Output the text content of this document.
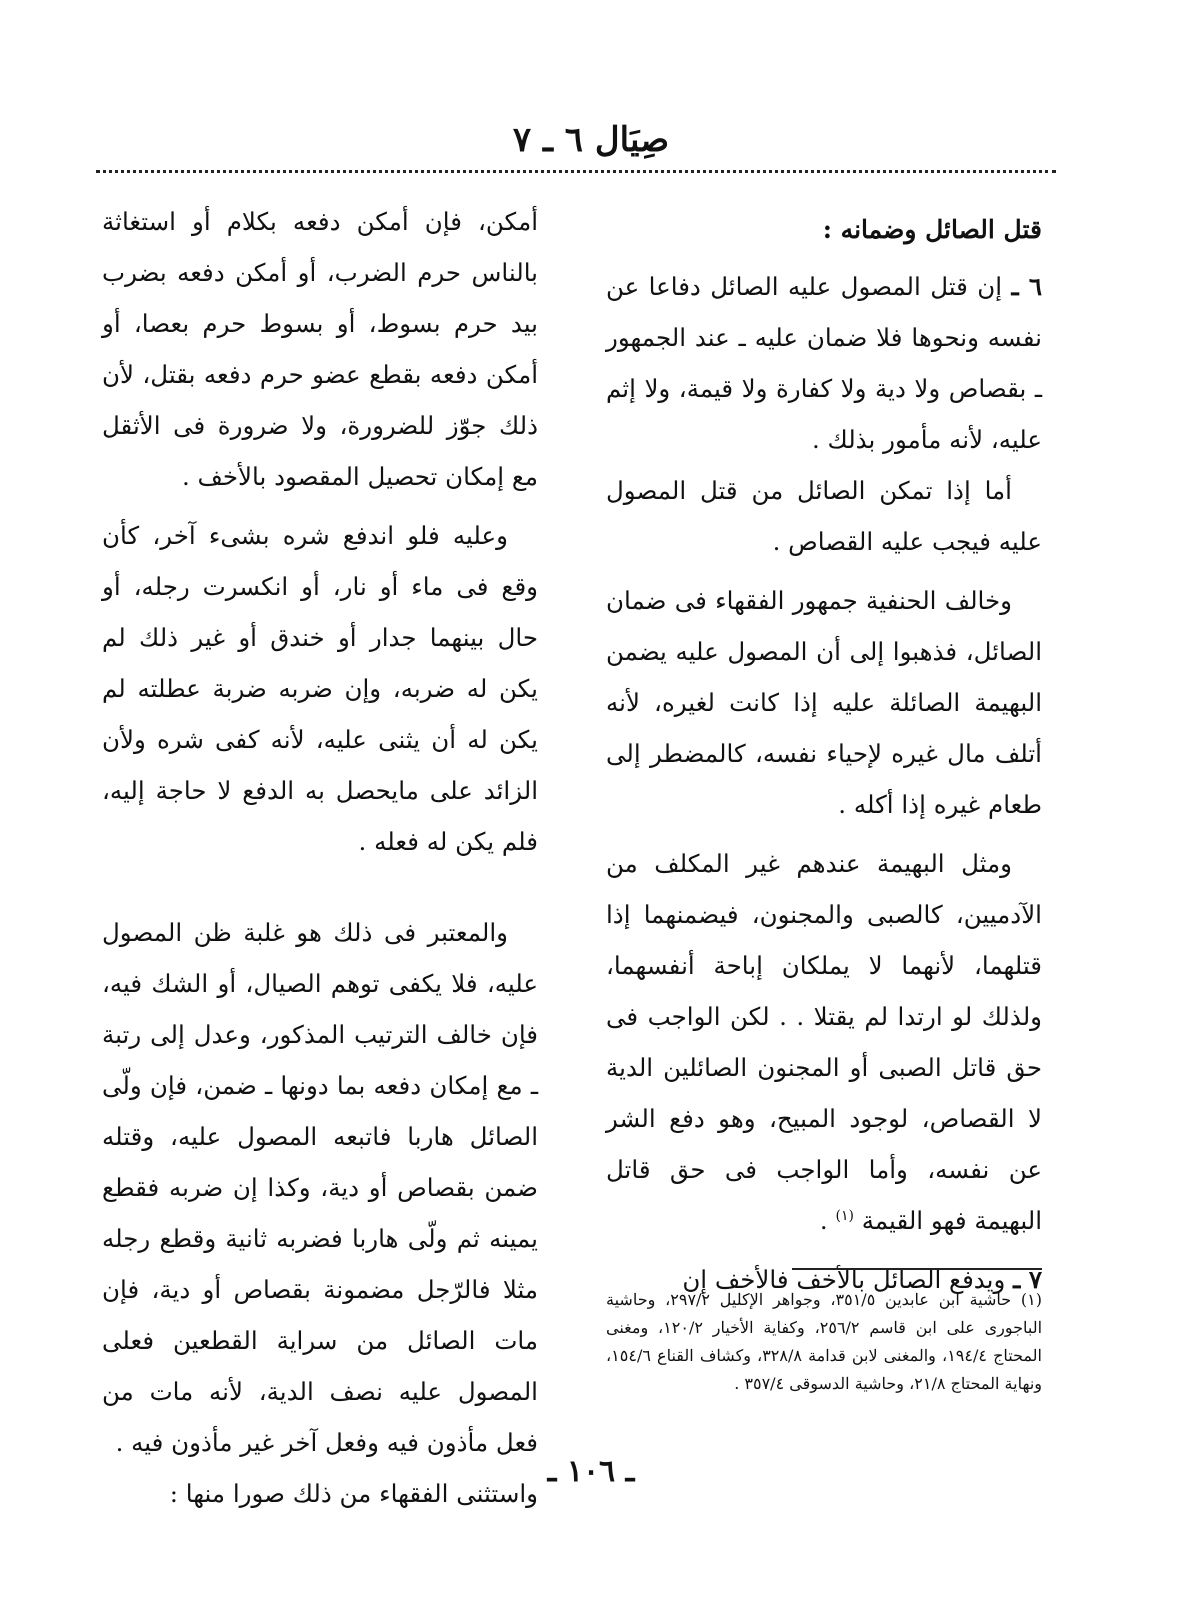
صِيَال ٦ ـ ٧

قتل الصائل وضمانه :

٦ ـ إن قتل المصول عليه الصائل دفاعا عن نفسه ونحوها فلا ضمان عليه ـ عند الجمهور ـ بقصاص ولا دية ولا كفارة ولا قيمة، ولا إثم عليه، لأنه مأمور بذلك .

أما إذا تمكن الصائل من قتل المصول عليه فيجب عليه القصاص .

وخالف الحنفية جمهور الفقهاء فى ضمان الصائل، فذهبوا إلى أن المصول عليه يضمن البهيمة الصائلة عليه إذا كانت لغيره، لأنه أتلف مال غيره لإحياء نفسه، كالمضطر إلى طعام غيره إذا أكله .

ومثل البهيمة عندهم غير المكلف من الآدميين، كالصبى والمجنون، فيضمنهما إذا قتلهما، لأنهما لا يملكان إباحة أنفسهما، ولذلك لو ارتدا لم يقتلا . . لكن الواجب فى حق قاتل الصبى أو المجنون الصائلين الدية لا القصاص، لوجود المبيح، وهو دفع الشر عن نفسه، وأما الواجب فى حق قاتل البهيمة فهو القيمة $^{(١)}$ .

٧ ـ ويدفع الصائل بالأخف فالأخف إن

أمكن، فإن أمكن دفعه بكلام أو استغاثة بالناس حرم الضرب، أو أمكن دفعه بضرب بيد حرم بسوط، أو بسوط حرم بعصا، أو أمكن دفعه بقطع عضو حرم دفعه بقتل، لأن ذلك جوّز للضرورة، ولا ضرورة فى الأثقل مع إمكان تحصيل المقصود بالأخف .

وعليه فلو اندفع شره بشىء آخر، كأن وقع فى ماء أو نار، أو انكسرت رجله، أو حال بينهما جدار أو خندق أو غير ذلك لم يكن له ضربه، وإن ضربه ضربة عطلته لم يكن له أن يثنى عليه، لأنه كفى شره ولأن الزائد على مايحصل به الدفع لا حاجة إليه، فلم يكن له فعله .

والمعتبر فى ذلك هو غلبة ظن المصول عليه، فلا يكفى توهم الصيال، أو الشك فيه، فإن خالف الترتيب المذكور، وعدل إلى رتبة ـ مع إمكان دفعه بما دونها ـ ضمن، فإن ولّى الصائل هاربا فاتبعه المصول عليه، وقتله ضمن بقصاص أو دية، وكذا إن ضربه فقطع يمينه ثم ولّى هاربا فضربه ثانية وقطع رجله مثلا فالرّجل مضمونة بقصاص أو دية، فإن مات الصائل من سراية القطعين فعلى المصول عليه نصف الدية، لأنه مات من فعل مأذون فيه وفعل آخر غير مأذون فيه .

واستثنى الفقهاء من ذلك صورا منها :

(١) حاشية ابن عابدين ٣٥١/٥، وجواهر الإكليل ٢٩٧/٢، وحاشية الباجورى على ابن قاسم ٢٥٦/٢، وكفاية الأخيار ١٢٠/٢، ومغنى المحتاج ١٩٤/٤، والمغنى لابن قدامة ٣٢٨/٨، وكشاف القناع ١٥٤/٦، ونهاية المحتاج ٢١/٨، وحاشية الدسوقى ٣٥٧/٤ .

ـ ١٠٦ ـ
